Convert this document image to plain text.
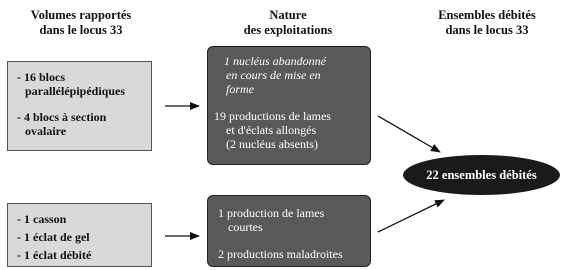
Volumes rapportés
dans le locus 33
Nature
des exploitations
Ensembles débités
dans le locus 33
- 16 blocs
parallélépipédiques
- 4 blocs à section
ovalaire
- 1 casson
- 1 éclat de gel
- 1 éclat débité
1 nucléus abandonné
en cours de mise en
forme
19 productions de lames
et d'éclats allongés
(2 nucléus absents)
1 production de lames
courtes
2 productions maladroites
22 ensembles débités
